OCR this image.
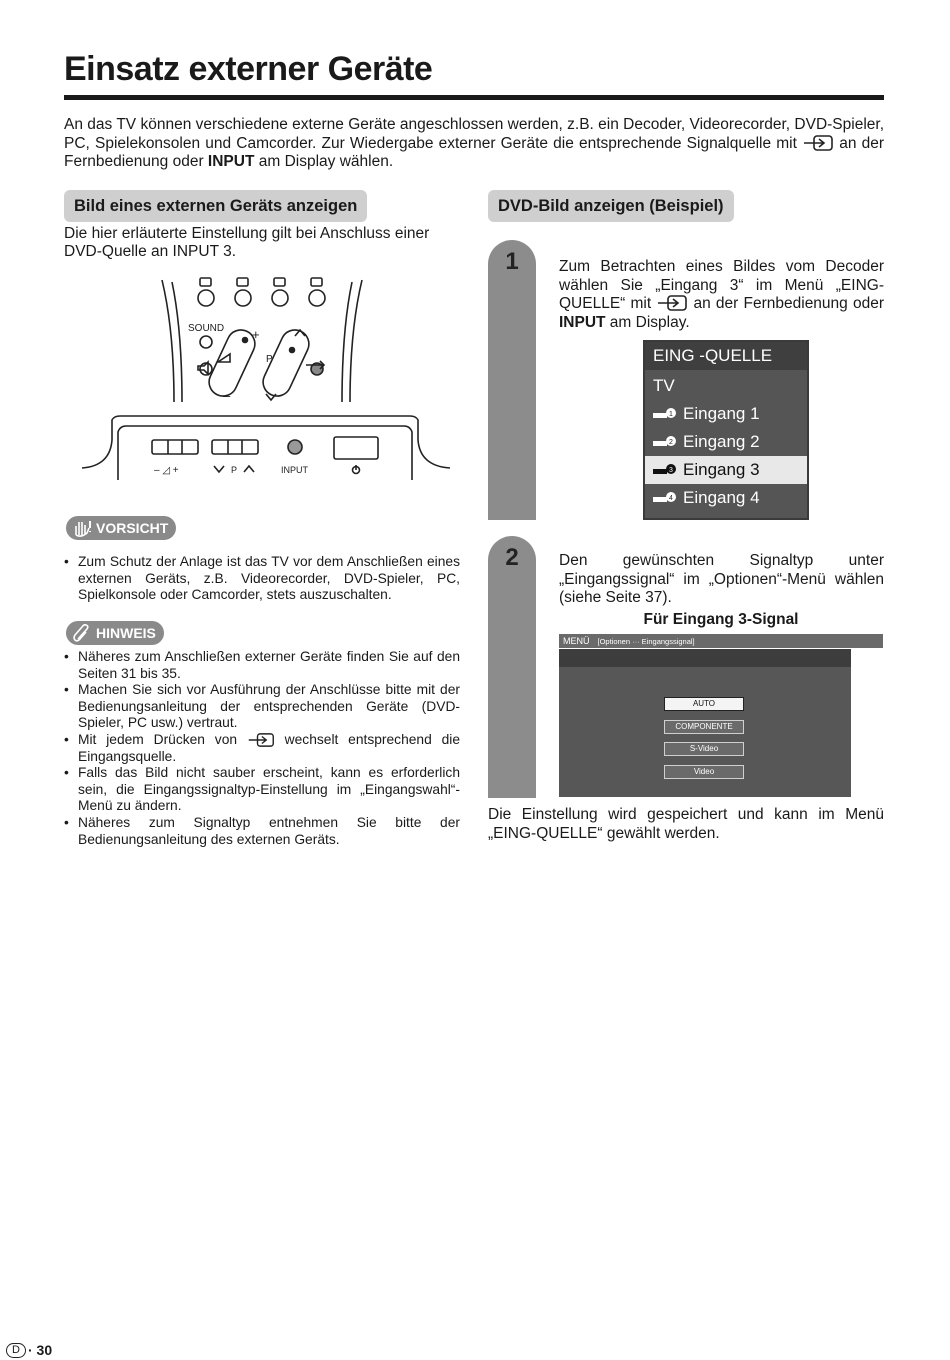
Einsatz externer Geräte

An das TV können verschiedene externe Geräte angeschlossen werden, z.B. ein Decoder, Videorecorder, DVD-Spieler, PC, Spielekonsolen und Camcorder. Zur Wiedergabe externer Geräte die entsprechende Signalquelle mit  an der Fernbedienung oder INPUT am Display wählen.

Bild eines externen Geräts anzeigen

Die hier erläuterte Einstellung gilt bei Anschluss einer DVD-Quelle an INPUT 3.

SOUND +
–
P
– ◿ +	P	INPUT
VORSICHT
• Zum Schutz der Anlage ist das TV vor dem Anschließen eines externen Geräts, z.B. Videorecorder, DVD-Spieler, PC, Spielkonsole oder Camcorder, stets auszuschalten.
HINWEIS
• Näheres zum Anschließen externer Geräte finden Sie auf den Seiten 31 bis 35.
• Machen Sie sich vor Ausführung der Anschlüsse bitte mit der Bedienungsanleitung der entsprechenden Geräte (DVD-Spieler, PC usw.) vertraut.
• Mit jedem Drücken von  wechselt entsprechend die Eingangsquelle.
• Falls das Bild nicht sauber erscheint, kann es erforderlich sein, die Eingangssignaltyp-Einstellung im „Eingangswahl“-Menü zu ändern.
• Näheres zum Signaltyp entnehmen Sie bitte der Bedienungsanleitung des externen Geräts.
DVD-Bild anzeigen (Beispiel)
1	Zum Betrachten eines Bildes vom Decoder wählen Sie „Eingang 3“ im Menü „EING-QUELLE“ mit  an der Fernbedienung oder INPUT am Display.

EING -QUELLE
TV
1 Eingang 1
2 Eingang 2
3 Eingang 3
4 Eingang 4
2	Den gewünschten Signaltyp unter „Eingangssignal“ im „Optionen“-Menü wählen (siehe Seite 37).

Für Eingang 3-Signal
MENÜ [Optionen ··· Eingangssignal]
AUTO
COMPONENTE
S-Video
Video

Die Einstellung wird gespeichert und kann im Menü „EING-QUELLE“ gewählt werden.

D · 30
